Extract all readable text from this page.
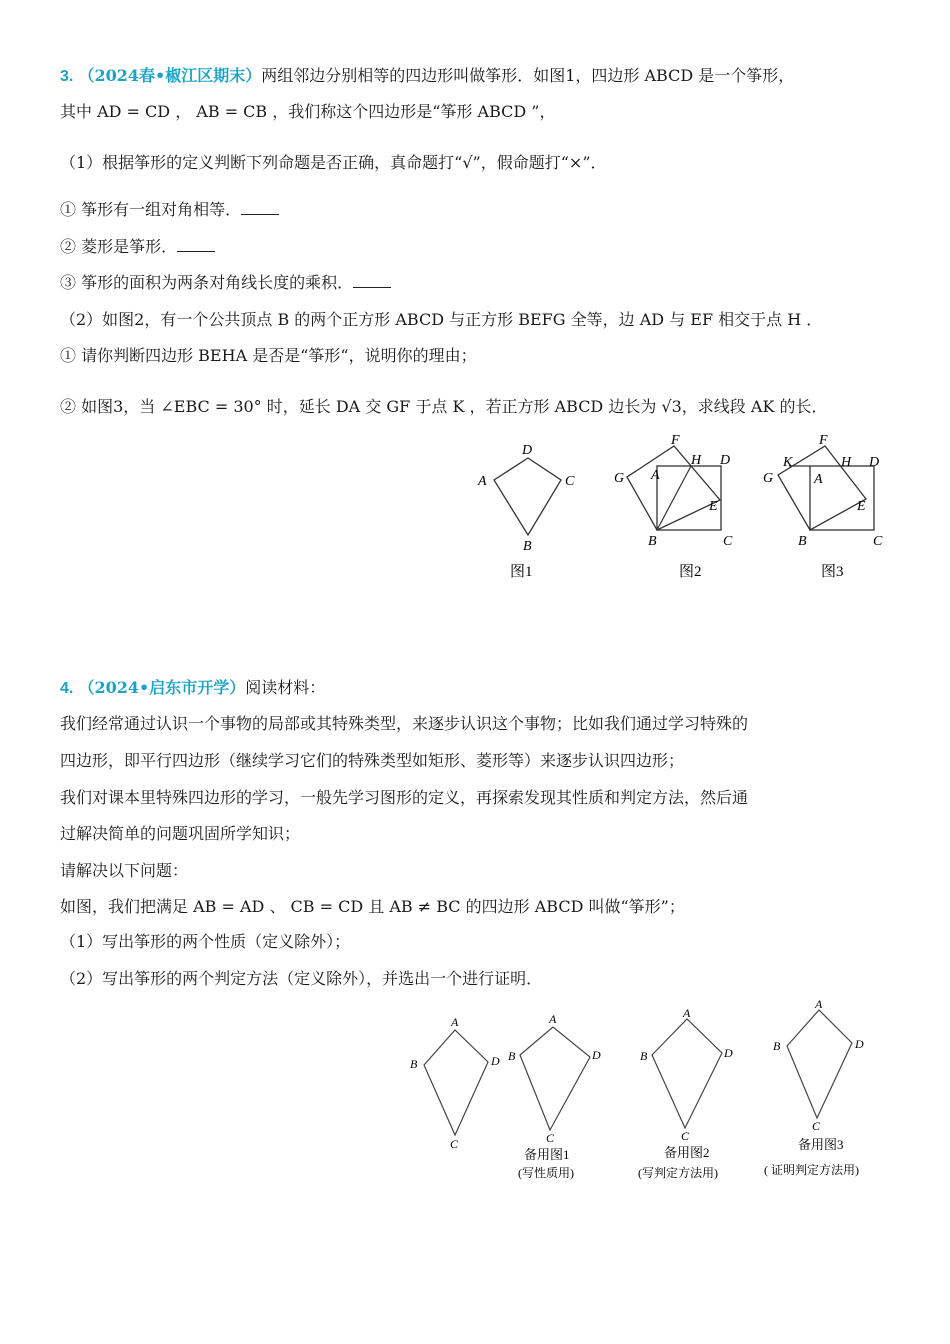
3. （2024春•椒江区期末）两组邻边分别相等的四边形叫做筝形．如图1，四边形 ABCD 是一个筝形，
其中 AD = CD ， AB = CB ，我们称这个四边形是“筝形 ABCD ”，
（1）根据筝形的定义判断下列命题是否正确，真命题打“√”，假命题打“×”．
① 筝形有一组对角相等．
② 菱形是筝形．
③ 筝形的面积为两条对角线长度的乘积．
（2）如图2，有一个公共顶点 B 的两个正方形 ABCD 与正方形 BEFG 全等，边 AD 与 EF 相交于点 H ．
① 请你判断四边形 BEHA 是否是“筝形“，说明你的理由；
② 如图3，当 ∠EBC = 30° 时，延长 DA 交 GF 于点 K ，若正方形 ABCD 边长为 √3，求线段 AK 的长．
A
D
C
B
图1
G
F
A
H D
E
B	C
图2
G
K
F
A
H D
E
B	C
图3
4. （2024•启东市开学）阅读材料：
我们经常通过认识一个事物的局部或其特殊类型，来逐步认识这个事物；比如我们通过学习特殊的
四边形，即平行四边形（继续学习它们的特殊类型如矩形、菱形等）来逐步认识四边形；
我们对课本里特殊四边形的学习，一般先学习图形的定义，再探索发现其性质和判定方法，然后通
过解决简单的问题巩固所学知识；
请解决以下问题：
如图，我们把满足 AB = AD 、 CB = CD 且 AB ≠ BC 的四边形 ABCD 叫做“筝形”；
（1）写出筝形的两个性质（定义除外）；
（2）写出筝形的两个判定方法（定义除外），并选出一个进行证明．
B
A
D
C
B
A
D
C
备用图1
(写性质用)
B
A
D
C
备用图2
(写判定方法用)
B
A
D
C
备用图3
( 证明判定方法用)
